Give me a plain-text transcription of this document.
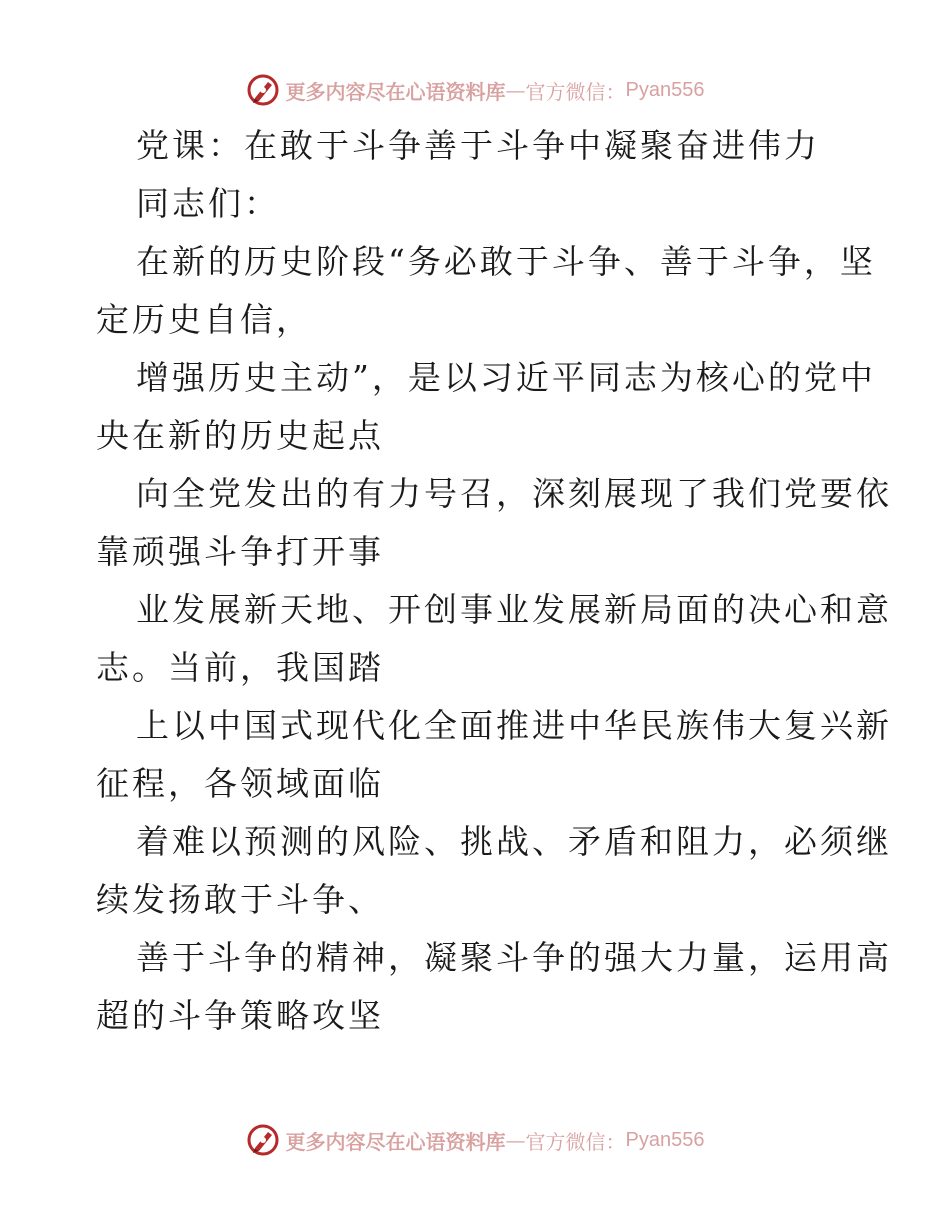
更多内容尽在心语资料库 — 官方微信： Pyan556
党课：在敢于斗争善于斗争中凝聚奋进伟力
同志们：
在新的历史阶段“务必敢于斗争、善于斗争，坚
定历史自信，
增强历史主动”，是以习近平同志为核心的党中
央在新的历史起点
向全党发出的有力号召，深刻展现了我们党要依
靠顽强斗争打开事
业发展新天地、开创事业发展新局面的决心和意
志。当前，我国踏
上以中国式现代化全面推进中华民族伟大复兴新
征程，各领域面临
着难以预测的风险、挑战、矛盾和阻力，必须继
续发扬敢于斗争、
善于斗争的精神，凝聚斗争的强大力量，运用高
超的斗争策略攻坚
更多内容尽在心语资料库 — 官方微信： Pyan556
